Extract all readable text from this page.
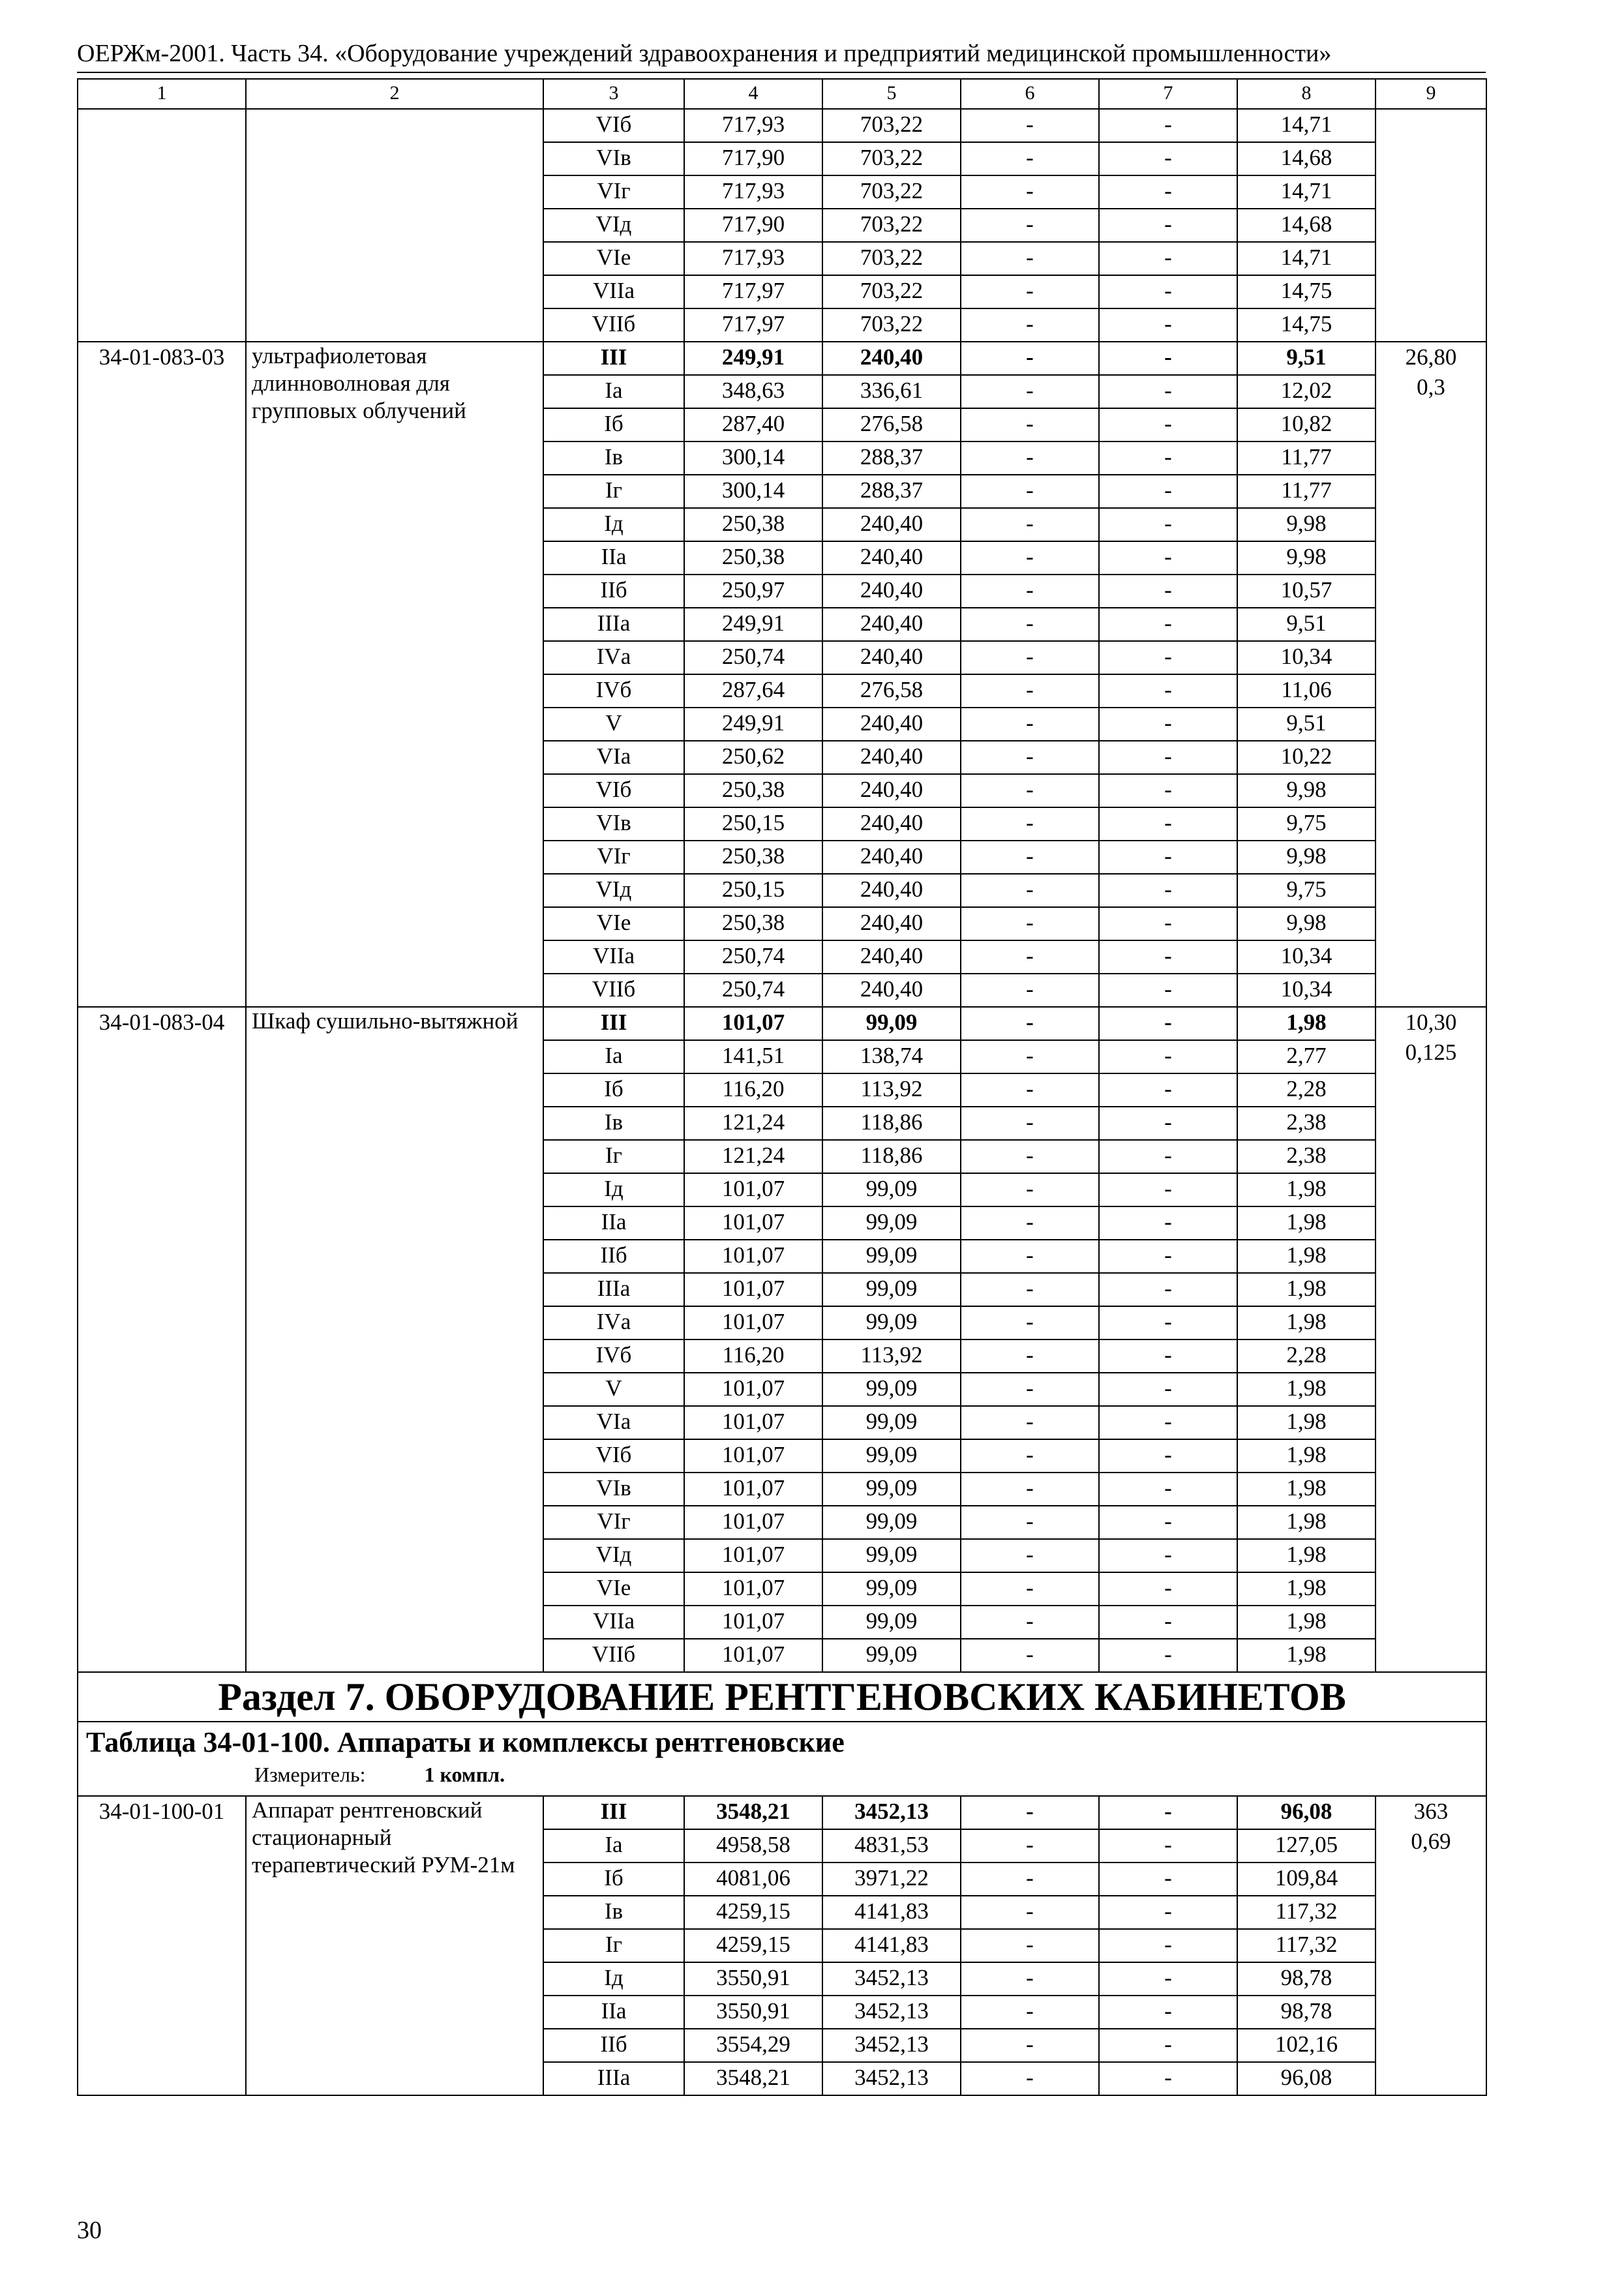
ОЕРЖм-2001. Часть 34. «Оборудование учреждений здравоохранения и предприятий медицинской промышленности»
1	2	3	4	5	6	7	8	9
		VIб	717,93	703,22	-	-	14,71	
		VIв	717,90	703,22	-	-	14,68	
		VIг	717,93	703,22	-	-	14,71	
		VIд	717,90	703,22	-	-	14,68	
		VIе	717,93	703,22	-	-	14,71	
		VIIа	717,97	703,22	-	-	14,75	
		VIIб	717,97	703,22	-	-	14,75	
34-01-083-03	ультрафиолетовая длинноволновая для групповых облучений	III	249,91	240,40	-	-	9,51	26,80
0,3

		Iа	348,63	336,61	-	-	12,02	
		Iб	287,40	276,58	-	-	10,82	
		Iв	300,14	288,37	-	-	11,77	
		Iг	300,14	288,37	-	-	11,77	
		Iд	250,38	240,40	-	-	9,98	
		IIа	250,38	240,40	-	-	9,98	
		IIб	250,97	240,40	-	-	10,57	
		IIIа	249,91	240,40	-	-	9,51	
		IVа	250,74	240,40	-	-	10,34	
		IVб	287,64	276,58	-	-	11,06	
		V	249,91	240,40	-	-	9,51	
		VIа	250,62	240,40	-	-	10,22	
		VIб	250,38	240,40	-	-	9,98	
		VIв	250,15	240,40	-	-	9,75	
		VIг	250,38	240,40	-	-	9,98	
		VIд	250,15	240,40	-	-	9,75	
		VIе	250,38	240,40	-	-	9,98	
		VIIа	250,74	240,40	-	-	10,34	
		VIIб	250,74	240,40	-	-	10,34	
34-01-083-04	Шкаф сушильно-вытяжной	III	101,07	99,09	-	-	1,98	10,30
0,125

		Iа	141,51	138,74	-	-	2,77	
		Iб	116,20	113,92	-	-	2,28	
		Iв	121,24	118,86	-	-	2,38	
		Iг	121,24	118,86	-	-	2,38	
		Iд	101,07	99,09	-	-	1,98	
		IIа	101,07	99,09	-	-	1,98	
		IIб	101,07	99,09	-	-	1,98	
		IIIа	101,07	99,09	-	-	1,98	
		IVа	101,07	99,09	-	-	1,98	
		IVб	116,20	113,92	-	-	2,28	
		V	101,07	99,09	-	-	1,98	
		VIа	101,07	99,09	-	-	1,98	
		VIб	101,07	99,09	-	-	1,98	
		VIв	101,07	99,09	-	-	1,98	
		VIг	101,07	99,09	-	-	1,98	
		VIд	101,07	99,09	-	-	1,98	
		VIе	101,07	99,09	-	-	1,98	
		VIIа	101,07	99,09	-	-	1,98	
		VIIб	101,07	99,09	-	-	1,98	
Раздел 7. ОБОРУДОВАНИЕ РЕНТГЕНОВСКИХ КАБИНЕТОВ								

Таблица 34-01-100. Аппараты и комплексы рентгеновские
Измеритель: 1 компл.								

34-01-100-01	Аппарат рентгеновский стационарный терапевтический РУМ-21м	III	3548,21	3452,13	-	-	96,08	363
0,69

		Iа	4958,58	4831,53	-	-	127,05	
		Iб	4081,06	3971,22	-	-	109,84	
		Iв	4259,15	4141,83	-	-	117,32	
		Iг	4259,15	4141,83	-	-	117,32	
		Iд	3550,91	3452,13	-	-	98,78	
		IIа	3550,91	3452,13	-	-	98,78	
		IIб	3554,29	3452,13	-	-	102,16	
		IIIа	3548,21	3452,13	-	-	96,08	
30
